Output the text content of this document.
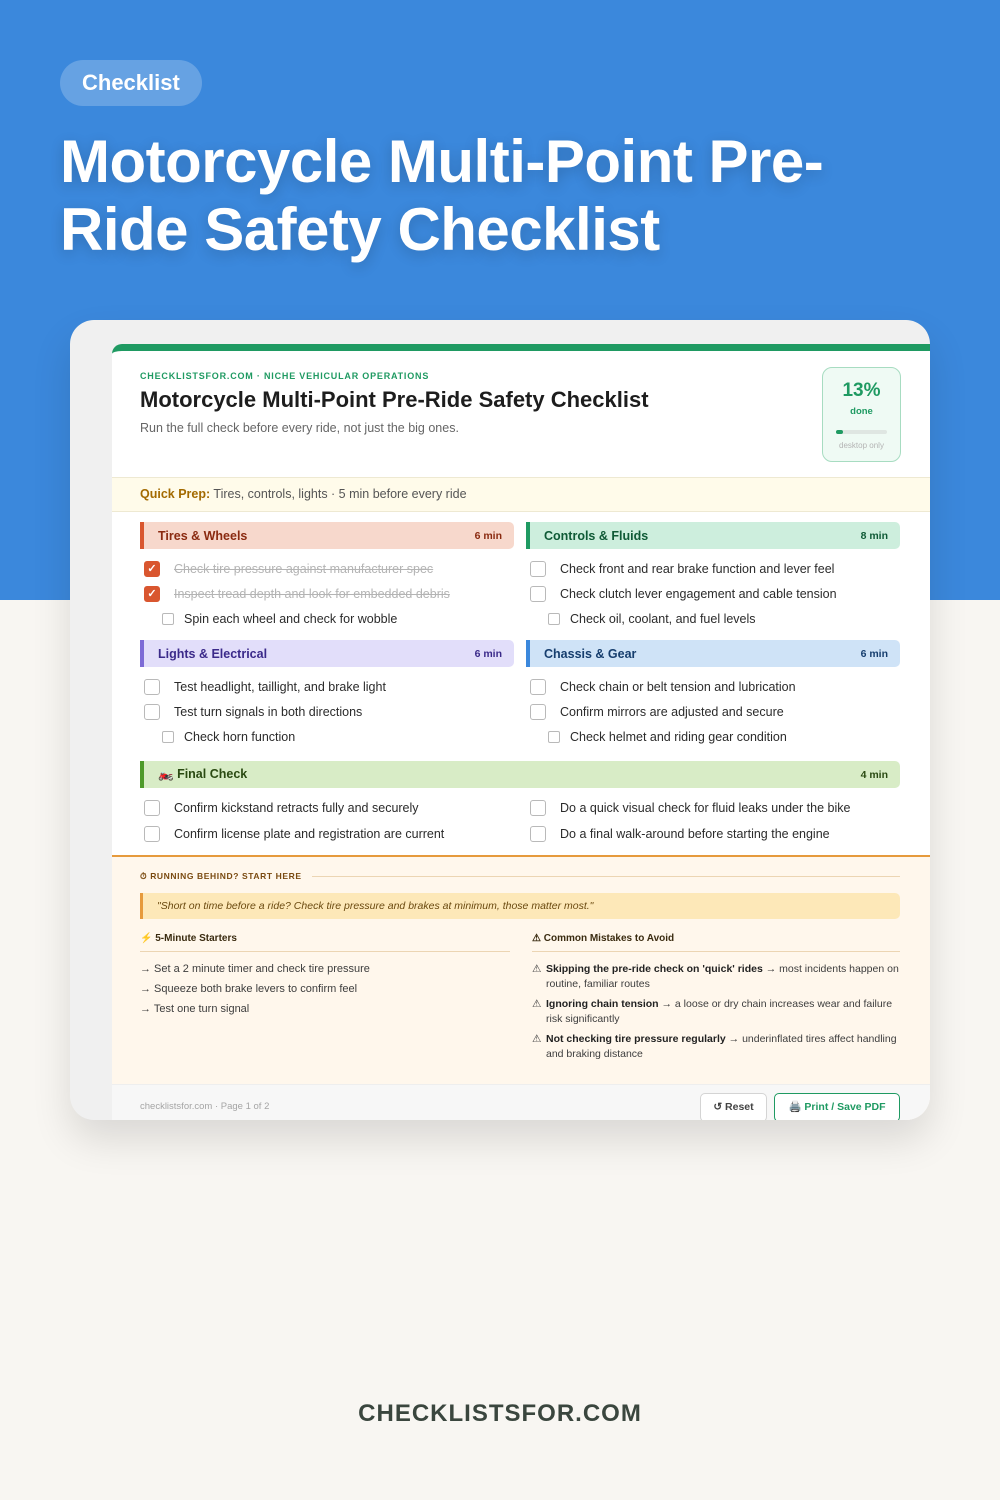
Checklist
Motorcycle Multi-Point Pre-Ride Safety Checklist
CHECKLISTSFOR.COM · NICHE VEHICULAR OPERATIONS
Motorcycle Multi-Point Pre-Ride Safety Checklist
Run the full check before every ride, not just the big ones.
13%
done
desktop only
Quick Prep: Tires, controls, lights · 5 min before every ride
Tires & Wheels	6 min
✓ Check tire pressure against manufacturer spec
✓ Inspect tread depth and look for embedded debris
Spin each wheel and check for wobble
Controls & Fluids	8 min
Check front and rear brake function and lever feel
Check clutch lever engagement and cable tension
Check oil, coolant, and fuel levels
Lights & Electrical	6 min
Test headlight, taillight, and brake light
Test turn signals in both directions
Check horn function
Chassis & Gear	6 min
Check chain or belt tension and lubrication
Confirm mirrors are adjusted and secure
Check helmet and riding gear condition
🏍️ Final Check	4 min
Confirm kickstand retracts fully and securely
Confirm license plate and registration are current
Do a quick visual check for fluid leaks under the bike
Do a final walk-around before starting the engine
⏱ RUNNING BEHIND? START HERE
"Short on time before a ride? Check tire pressure and brakes at minimum, those matter most."
⚡ 5-Minute Starters
→ Set a 2 minute timer and check tire pressure
→ Squeeze both brake levers to confirm feel
→ Test one turn signal
⚠ Common Mistakes to Avoid
⚠ Skipping the pre-ride check on 'quick' rides → most incidents happen on routine, familiar routes
⚠ Ignoring chain tension → a loose or dry chain increases wear and failure risk significantly
⚠ Not checking tire pressure regularly → underinflated tires affect handling and braking distance
checklistsfor.com · Page 1 of 2	↺ Reset	🖨️ Print / Save PDF
CHECKLISTSFOR.COM
